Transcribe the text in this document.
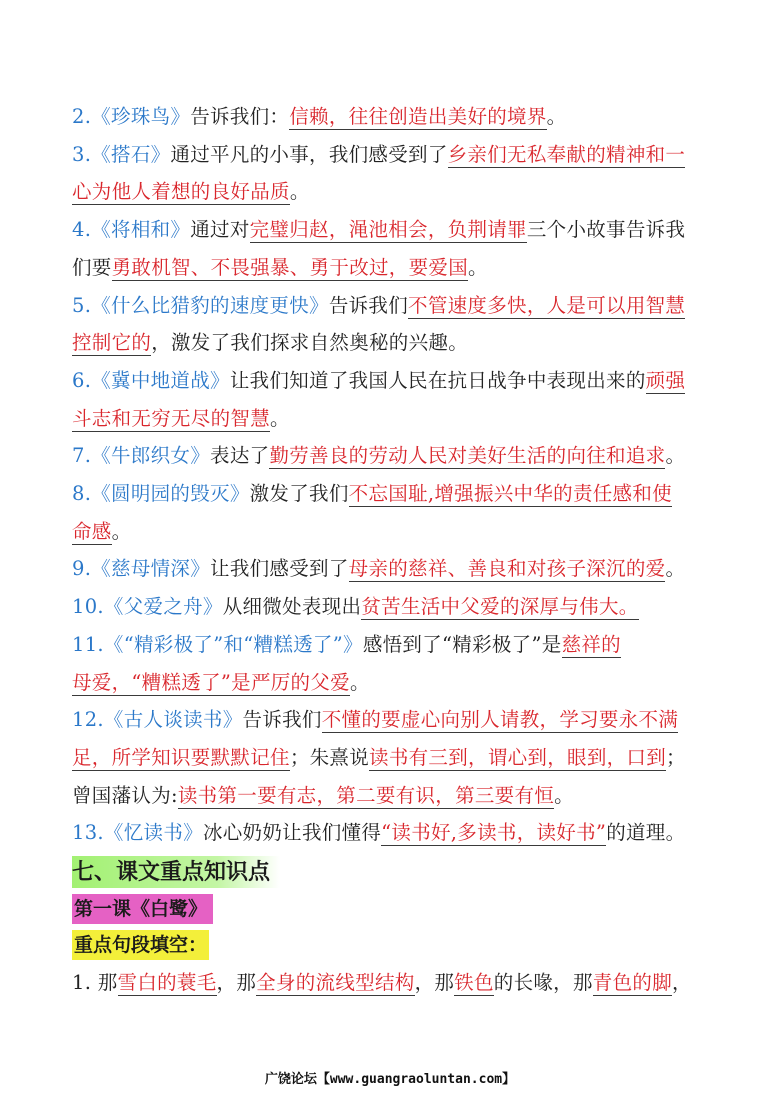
2.《珍珠鸟》告诉我们：信赖，往往创造出美好的境界。
3.《搭石》通过平凡的小事，我们感受到了乡亲们无私奉献的精神和一
心为他人着想的良好品质。
4.《将相和》通过对完璧归赵，渑池相会，负荆请罪三个小故事告诉我
们要勇敢机智、不畏强暴、勇于改过，要爱国。
5.《什么比猎豹的速度更快》告诉我们不管速度多快，人是可以用智慧
控制它的，激发了我们探求自然奥秘的兴趣。
6.《冀中地道战》让我们知道了我国人民在抗日战争中表现出来的顽强
斗志和无穷无尽的智慧。
7.《牛郎织女》表达了勤劳善良的劳动人民对美好生活的向往和追求。
8.《圆明园的毁灭》激发了我们不忘国耻,增强振兴中华的责任感和使
命感。
9.《慈母情深》让我们感受到了母亲的慈祥、善良和对孩子深沉的爱。
10.《父爱之舟》从细微处表现出贫苦生活中父爱的深厚与伟大。
11.《“精彩极了”和“糟糕透了”》感悟到了“精彩极了”是慈祥的
母爱，“糟糕透了”是严厉的父爱。
12.《古人谈读书》告诉我们不懂的要虚心向别人请教，学习要永不满
足，所学知识要默默记住；朱熹说读书有三到，谓心到，眼到，口到；
曾国藩认为:读书第一要有志，第二要有识，第三要有恒。
13.《忆读书》冰心奶奶让我们懂得“读书好,多读书，读好书”的道理。
七、课文重点知识点
第一课《白鹭》
重点句段填空：
1. 那雪白的蓑毛，那全身的流线型结构，那铁色的长喙，那青色的脚，
广饶论坛【www.guangraoluntan.com】
